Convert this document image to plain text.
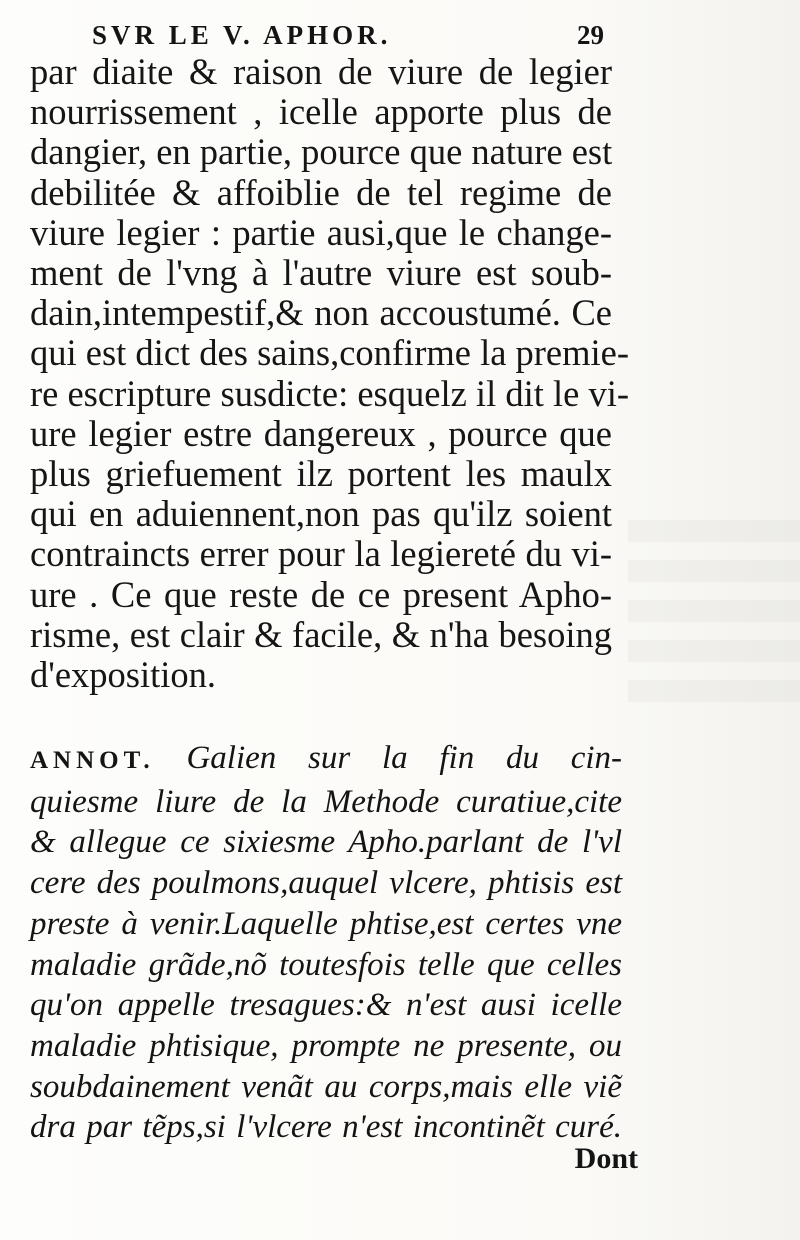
SVR LE V. APHOR.	29
par diaite & raison de viure de legier
nourrissement , icelle apporte plus de
dangier, en partie, pource que nature est
debilitée & affoiblie de tel regime de
viure legier : partie ausi,que le change-
ment de l'vng à l'autre viure est soub-
dain,intempestif,& non accoustumé. Ce
qui est dict des sains,confirme la premie-
re escripture susdicte: esquelz il dit le vi-
ure legier estre dangereux , pource que
plus griefuement ilz portent les maulx
qui en aduiennent,non pas qu'ilz soient
contrainсts errer pour la legiereté du vi-
ure . Ce que reste de ce present Apho-
risme, est clair & facile, & n'ha besoing
d'exposition.
ANNOT. Galien sur la fin du cin-
quiesme liure de la Methode curatiue,cite
& allegue ce sixiesme Apho.parlant de l'vl
cere des poulmons,auquel vlcere, phtisis est
preste à venir.Laquelle phtise,est certes vne
maladie grãde,nõ toutesfois telle que celles
qu'on appelle tresagues:& n'est ausi icelle
maladie phtisique, prompte ne presente, ou
soubdainement venãt au corps,mais elle viẽ
dra par tẽps,si l'vlcere n'est incontinẽt curé.
Dont
